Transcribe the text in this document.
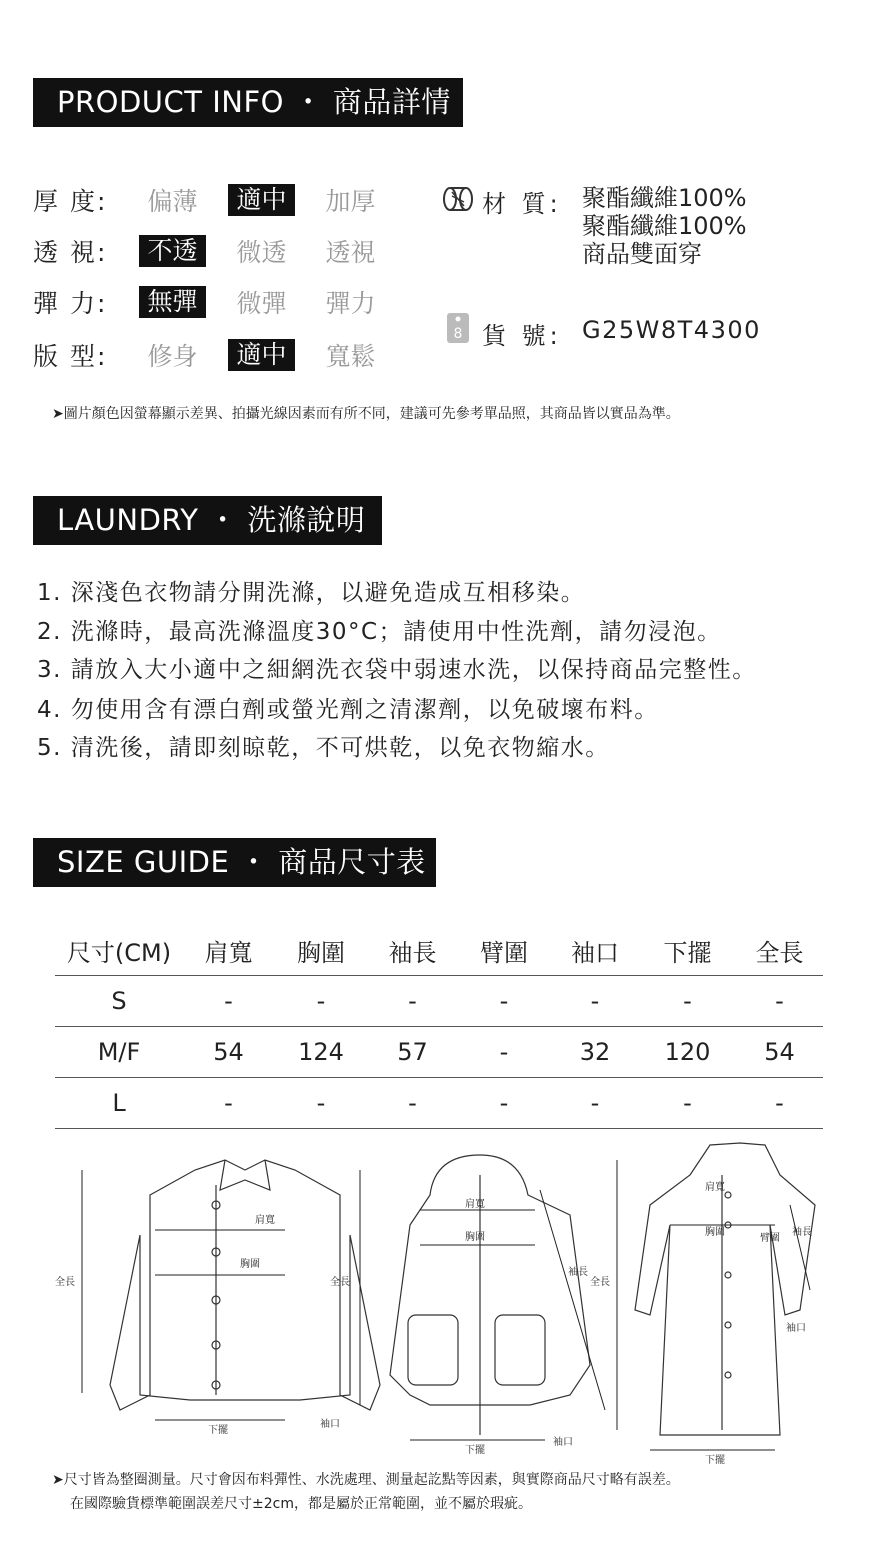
PRODUCT INFO ・ 商品詳情
厚 度:	偏薄	適中	加厚
透 視:	不透	微透	透視
彈 力:	無彈	微彈	彈力
版 型:	修身	適中	寬鬆
材 質: 聚酯纖維100%
聚酯纖維100%
商品雙面穿
8 貨 號: G25W8T4300
➤圖片顏色因螢幕顯示差異、拍攝光線因素而有所不同，建議可先參考單品照，其商品皆以實品為準。
LAUNDRY ・ 洗滌說明
1. 深淺色衣物請分開洗滌，以避免造成互相移染。
2. 洗滌時，最高洗滌溫度30°C；請使用中性洗劑，請勿浸泡。
3. 請放入大小適中之細網洗衣袋中弱速水洗，以保持商品完整性。
4. 勿使用含有漂白劑或螢光劑之清潔劑，以免破壞布料。
5. 清洗後，請即刻晾乾，不可烘乾，以免衣物縮水。
SIZE GUIDE ・ 商品尺寸表
尺寸(CM)	肩寬	胸圍	袖長	臂圍	袖口	下擺	全長
S	-	-	-	-	-	-	-
M/F	54	124	57	-	32	120	54
L	-	-	-	-	-	-	-
肩寬
胸圍
全長
下擺
袖口
肩寬
胸圍
全長
袖長
下擺
袖口
全長
肩寬
胸圍
臂圍
袖長
袖口
下擺
➤尺寸皆為整圈測量。尺寸會因布料彈性、水洗處理、測量起訖點等因素，與實際商品尺寸略有誤差。
在國際驗貨標準範圍誤差尺寸±2cm，都是屬於正常範圍，並不屬於瑕疵。
